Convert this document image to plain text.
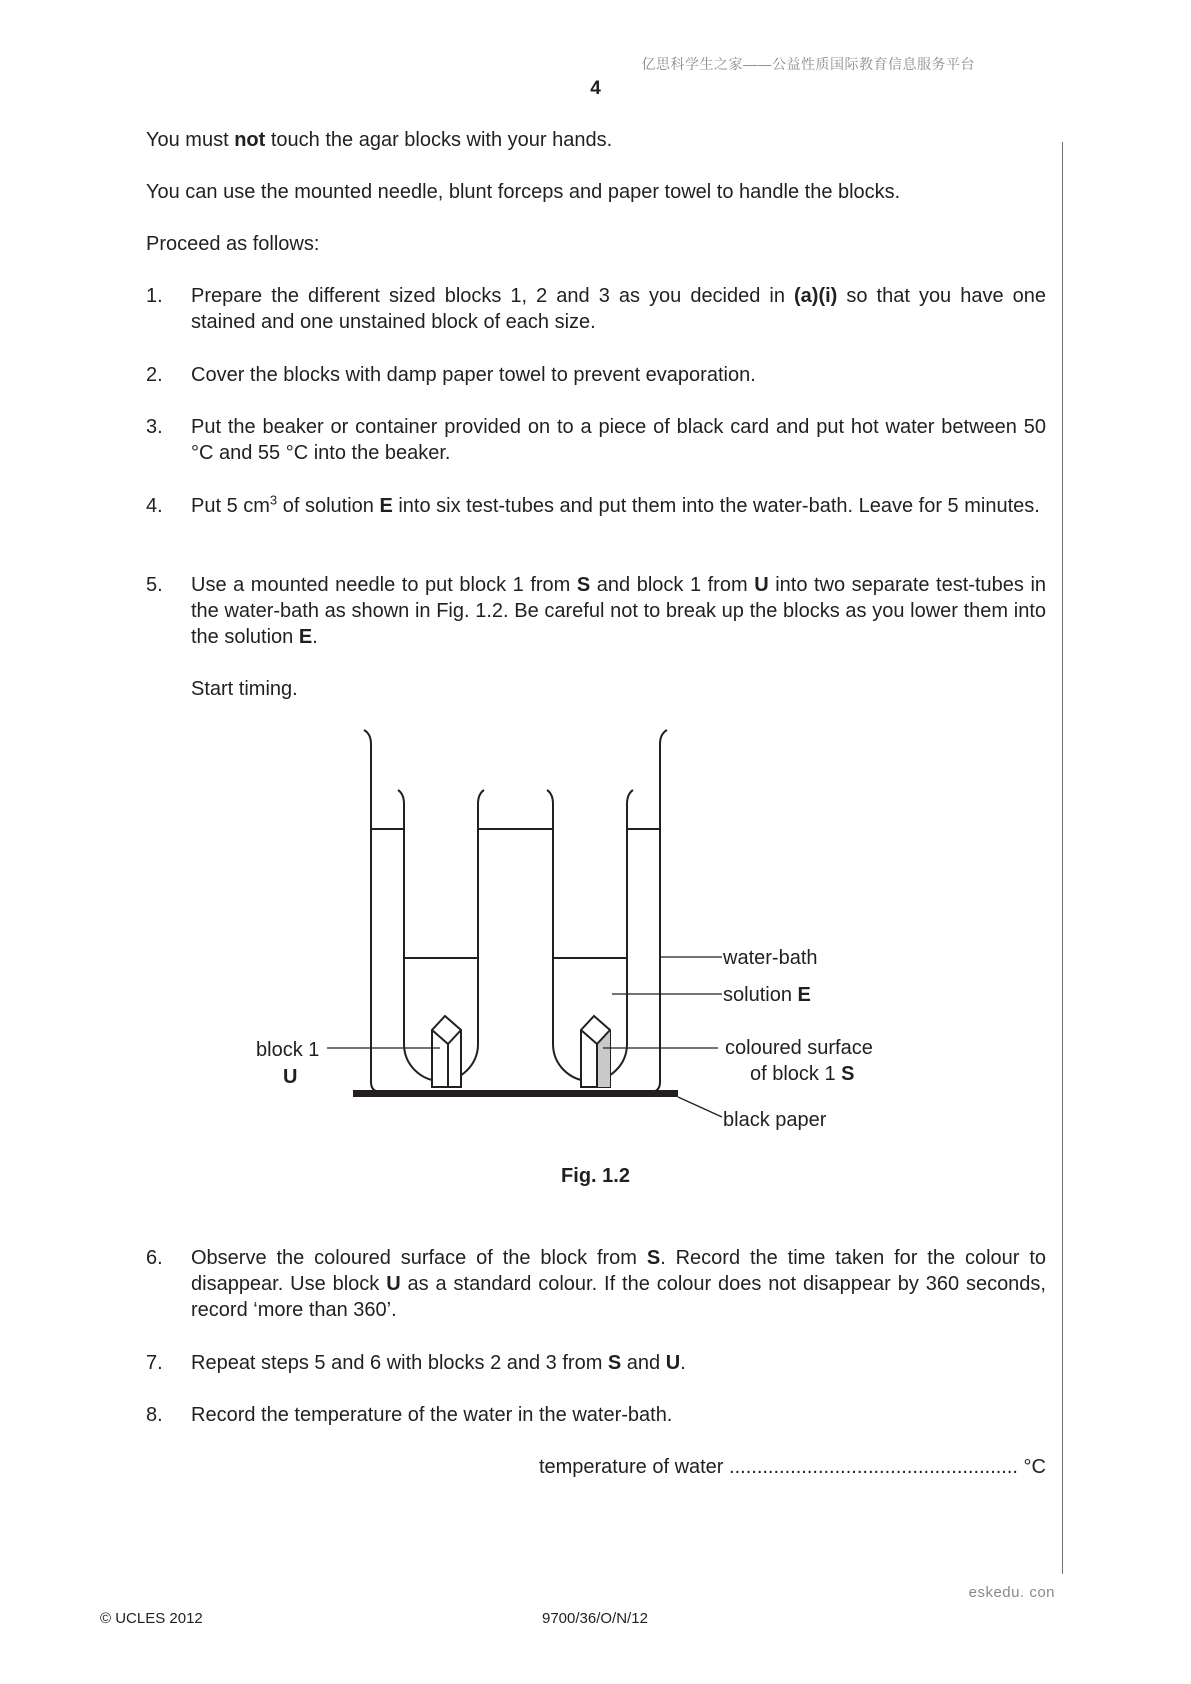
亿思科学生之家——公益性质国际教育信息服务平台
4
You must not touch the agar blocks with your hands.
You can use the mounted needle, blunt forceps and paper towel to handle the blocks.
Proceed as follows:
1. Prepare the different sized blocks 1, 2 and 3 as you decided in (a)(i) so that you have one stained and one unstained block of each size.
2. Cover the blocks with damp paper towel to prevent evaporation.
3. Put the beaker or container provided on to a piece of black card and put hot water between 50 °C and 55 °C into the beaker.
4. Put 5 $cm^3$ of solution E into six test-tubes and put them into the water-bath. Leave for 5 minutes.
5. Use a mounted needle to put block 1 from S and block 1 from U into two separate test-tubes in the water-bath as shown in Fig. 1.2. Be careful not to break up the blocks as you lower them into the solution E.
Start timing.
water-bath
solution E
block 1
U
coloured surface
of block 1 S
black paper
Fig. 1.2
6. Observe the coloured surface of the block from S. Record the time taken for the colour to disappear. Use block U as a standard colour. If the colour does not disappear by 360 seconds, record ‘more than 360’.
7. Repeat steps 5 and 6 with blocks 2 and 3 from S and U.
8. Record the temperature of the water in the water-bath.
temperature of water .................................................... °C
eskedu. con
© UCLES 2012	9700/36/O/N/12
